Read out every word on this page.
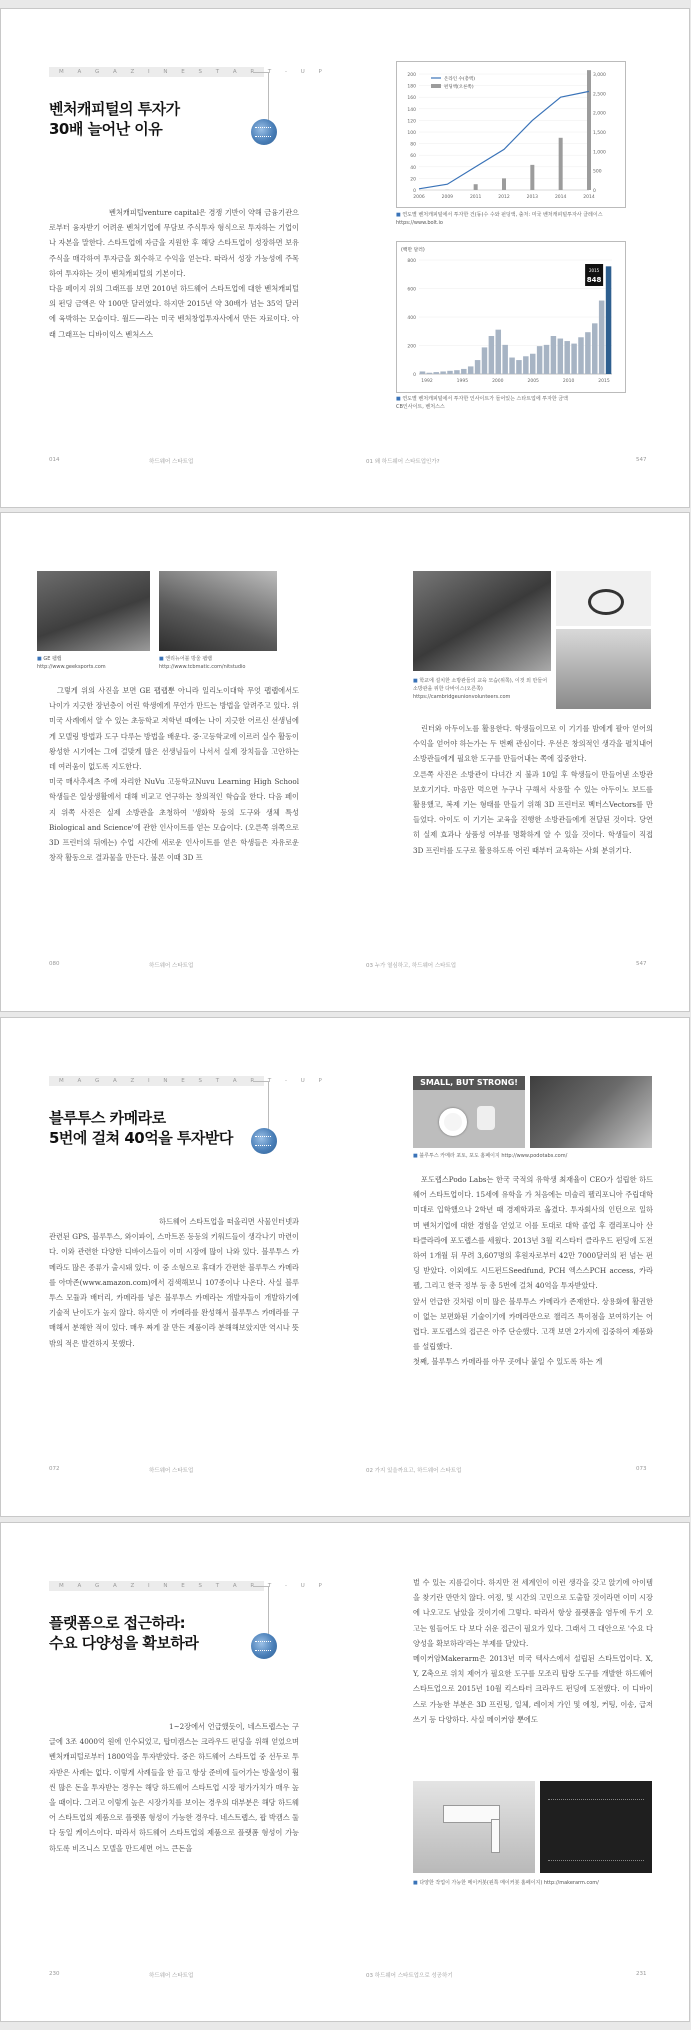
M A G A Z I N E S T A R T - U P
벤처캐피털의 투자가
30배 늘어난 이유
벤처캐피털venture capital은 경쟁 기반이 약해 금융기관으로부터 융자받기 어려운 벤처기업에 무담보 주식투자 형식으로 투자하는 기업이나 자본을 말한다. 스타트업에 자금을 지원한 후 해당 스타트업이 성장하면 보유 주식을 매각하여 투자금을 회수하고 수익을 얻는다. 따라서 성장 가능성에 주목하여 투자하는 것이 벤처캐피털의 기본이다.
다음 페이지 위의 그래프를 보면 2010년 하드웨어 스타트업에 대한 벤처캐피털의 펀딩 금액은 약 100만 달러였다. 하지만 2015년 약 30배가 넘는 35억 달러에 육박하는 모습이다. 월드──라는 미국 벤처창업투자사에서 만든 자료이다. 아래 그래프는 디바이익스 벤처스스
014	하드웨어 스타트업
200
180
160
140
120
100
80
60
40
20
0
3,000
2,500
2,000
1,500
1,000
500
0
2006	2009	2011	2012	2013	2014	2014
온라인 수(총액)
펀딩액(오른쪽)
■ 연도별 벤처캐피털에서 투자한 건(동)수 수와 펀딩액, 출처: 미국 벤처캐피털투자사 클레이스
https://www.bolt.io
(백만 달러)
800
600
400
200
0
1992	1995	2000	2005	2010	2015
2015
848
■ 연도별 벤처캐피털에서 투자한 인사이트가 들어있는 스타트업에 투자한 금액
CB인사이트, 벤처스스
01 왜 하드웨어 스타트업인가?	547
■ GE 팹랩
http://www.geeksports.com
■ 앤리뉴어블 방울 팹랩
http://www.tcbmatic.com/nitstudio
그렇게 위의 사진을 보면 GE 팹랩뿐 아니라 일리노이대학 무엇 팹랩에서도 나이가 지긋한 장년층이 어린 학생에게 무언가 만드는 방법을 알려주고 있다. 위 미국 사례에서 알 수 있는 초등학교 저학년 때에는 나이 지긋한 어르신 선생님에게 모델링 방법과 도구 다루는 방법을 배운다. 중·고등학교에 이르러 실수 활동이 왕성한 시기에는 그에 걸맞게 많은 선생님들이 나서서 실제 장치들을 고안하는 데 여러움이 없도록 지도한다.
미국 매사추세츠 주에 자리한 NuVu 고등학교Nuvu Learning High School 학생들은 일상생활에서 대해 비교고 연구하는 창의적인 학습을 한다. 다음 페이지 위쪽 사진은 실제 소방관을 초청하여 '생화학 등의 도구와 생체 특성Biological and Science'에 관한 인사이트를 얻는 모습이다. (오른쪽 위쪽으로 3D 프린터의 뒤에는) 수업 시간에 새로운 인사이트를 얻은 학생들은 자유로운 창작 활동으로 결과물을 만든다. 불론 이때 3D 프
080	하드웨어 스타트업
■ 학교에 설치한 소방관들의 교육 모습(위쪽), 이것 외 만들어 소방관을 위한 다바이스(오른쪽)
https://cambridgeunionvolunteers.com
린터와 아두이노를 활용한다. 학생들이므로 이 기기를 밤에게 팔아 얻어의 수익을 얻어야 하는가는 두 번째 관심이다. 우선은 창의적인 생각을 펼치내어 소방관들에게 필요한 도구를 만들어내는 쪽에 집중한다.
오른쪽 사진은 소방관이 다녀간 지 불과 10일 후 학생들이 만들어낸 소방관 보호기기다. 마음만 먹으면 누구나 구해서 사용할 수 있는 아두이노 보드를 활용했고, 복제 기는 형태를 만들기 위해 3D 프린터로 벡터스Vectors를 만들었다. 아이도 이 기기는 교육을 진행한 소방관들에게 전달된 것이다. 당연히 실제 효과나 상품성 여부를 명확하게 알 수 있을 것이다. 학생들이 직접 3D 프린터를 도구로 활용하도록 어린 때부터 교육하는 사회 분위기다.
03 누가 열심하고, 하드웨어 스타트업	547
M A G A Z I N E S T A R T - U P
블루투스 카메라로
5번에 걸쳐 40억을 투자받다
하드웨어 스타트업을 떠올리면 사물인터넷과 관련된 GPS, 블루투스, 와이파이, 스마트폰 등등의 키워드들이 생각나기 마련이다. 이와 관련한 다양한 디바이스들이 이미 시장에 많이 나와 있다. 블루투스 카메라도 많은 종류가 출시돼 있다. 이 중 소형으로 휴대가 간편한 블루투스 카메라를 아마존(www.amazon.com)에서 검색해보니 107종이나 나온다. 사실 블루투스 모듈과 배터리, 카메라를 넣은 블루투스 카메라는 개발자들이 개발하기에 기술적 난이도가 높지 않다. 하지만 이 카메라를 완성해서 블루투스 카메라를 구매해서 분해한 적이 있다. 매우 짜게 잘 만든 제품이라 분해해보았지만 역시나 뜻밖의 적은 발견하지 못했다.
072	하드웨어 스타트업
SMALL, BUT STRONG!
■ 블루투스 카메라 포토, 포도 홈페이지 http://www.podotabs.com/
포도랩스Podo Labs는 한국 국적의 유학생 최재율이 CEO가 설립한 하드웨어 스타트업이다. 15세에 유학을 가 처음에는 미술리 펠리포니아 주립대학 미대로 입학했으나 2학년 때 경제학과로 옮겼다. 투자회사의 인턴으로 일하며 벤처기업에 대한 경험을 얻었고 이를 토대로 대학 졸업 후 캘리포니아 산타클라라에 포도랩스를 세웠다. 2013년 3월 킥스타터 클라우드 펀딩에 도전하여 1개월 뒤 무려 3,607명의 후원자로부터 42만 7000달러의 펀 넘는 펀딩 받았다. 이외에도 시드펀드Seedfund, PCH 엑스스PCH access, 카라펠, 그리고 한국 정부 등 총 5번에 걸쳐 40억을 투자받았다.
앞서 언급한 것처럼 이미 많은 블루투스 카메라가 존재한다. 상용화에 활권한이 없는 보편화된 기술이기에 카메라만으로 챌리즈 특이점을 보여하기는 어렵다. 포도랩스의 접근은 아주 단순했다. 고객 보면 2가지에 집중하여 제품화를 설립했다.
첫째, 블루투스 카메라를 아무 곳에나 붙일 수 있도록 하는 게
02 가지 있을까요고, 하드웨어 스타트업	073
M A G A Z I N E S T A R T - U P
플랫폼으로 접근하라:
수요 다양성을 확보하라
1~2장에서 언급했듯이, 네스트랩스는 구글에 3조 4000억 원에 인수되었고, 탑미캠스는 크라우드 펀딩을 위해 얻었으며 벤처캐피털로부터 1800억을 투자받았다. 중은 하드웨어 스타트업 중 선두로 투자받은 사례는 없다. 이렇게 사례들을 한 들고 항상 준비에 들어가는 방울성이 훨씬 많은 돈을 투자받는 경우는 해당 하드웨어 스타트업 시장 평가가치가 매우 높을 때이다. 그러고 이렇게 높은 시장가치를 보이는 경우의 대부분은 해당 하드웨어 스타트업의 제품으로 플랫폼 형성이 가능한 경우다. 네스트랩스, 팝 박캠스 둘 다 동일 케이스이다. 따라서 하드웨어 스타트업의 제품으로 플랫폼 형성이 가능하도록 비즈니스 모델을 만드세면 어느 큰돈을
230	하드웨어 스타트업
벌 수 있는 지름길이다. 하지만 전 세계인이 이런 생각을 갖고 앉기에 아이템을 찾기란 만만치 않다. 여정, 및 시간의 고민으로 도출할 것이라면 이미 시장에 나오고도 남았을 것이기에 그렇다. 따라서 항상 플랫폼을 염두에 두기 오고는 힘들어도 다 보다 쉬운 접근이 필요가 있다. 그래서 그 대안으로 '수요 다양성을 확보하라'라는 부제를 달았다.
메이커암Makerarm은 2013년 미국 텍사스에서 설립된 스타트업이다. X, Y, Z축으로 위치 제어가 필요한 도구를 모조리 탑랑 도구를 개발한 하드웨어 스타트업으로 2015년 10월 킥스타터 크라우드 펀딩에 도전했다. 이 디바이스로 가능한 부분은 3D 프린팅, 일체, 레이저 가인 및 에칭, 커팅, 이송, 급저 쓰기 등 다양하다. 사실 메이커암 뿐에도
■ 다양한 작업이 가능한 메이커봇(왼쪽 메이커봇 홈페이지) http://makerarm.com/
03 하드웨어 스타트업으로 성공하기	231
